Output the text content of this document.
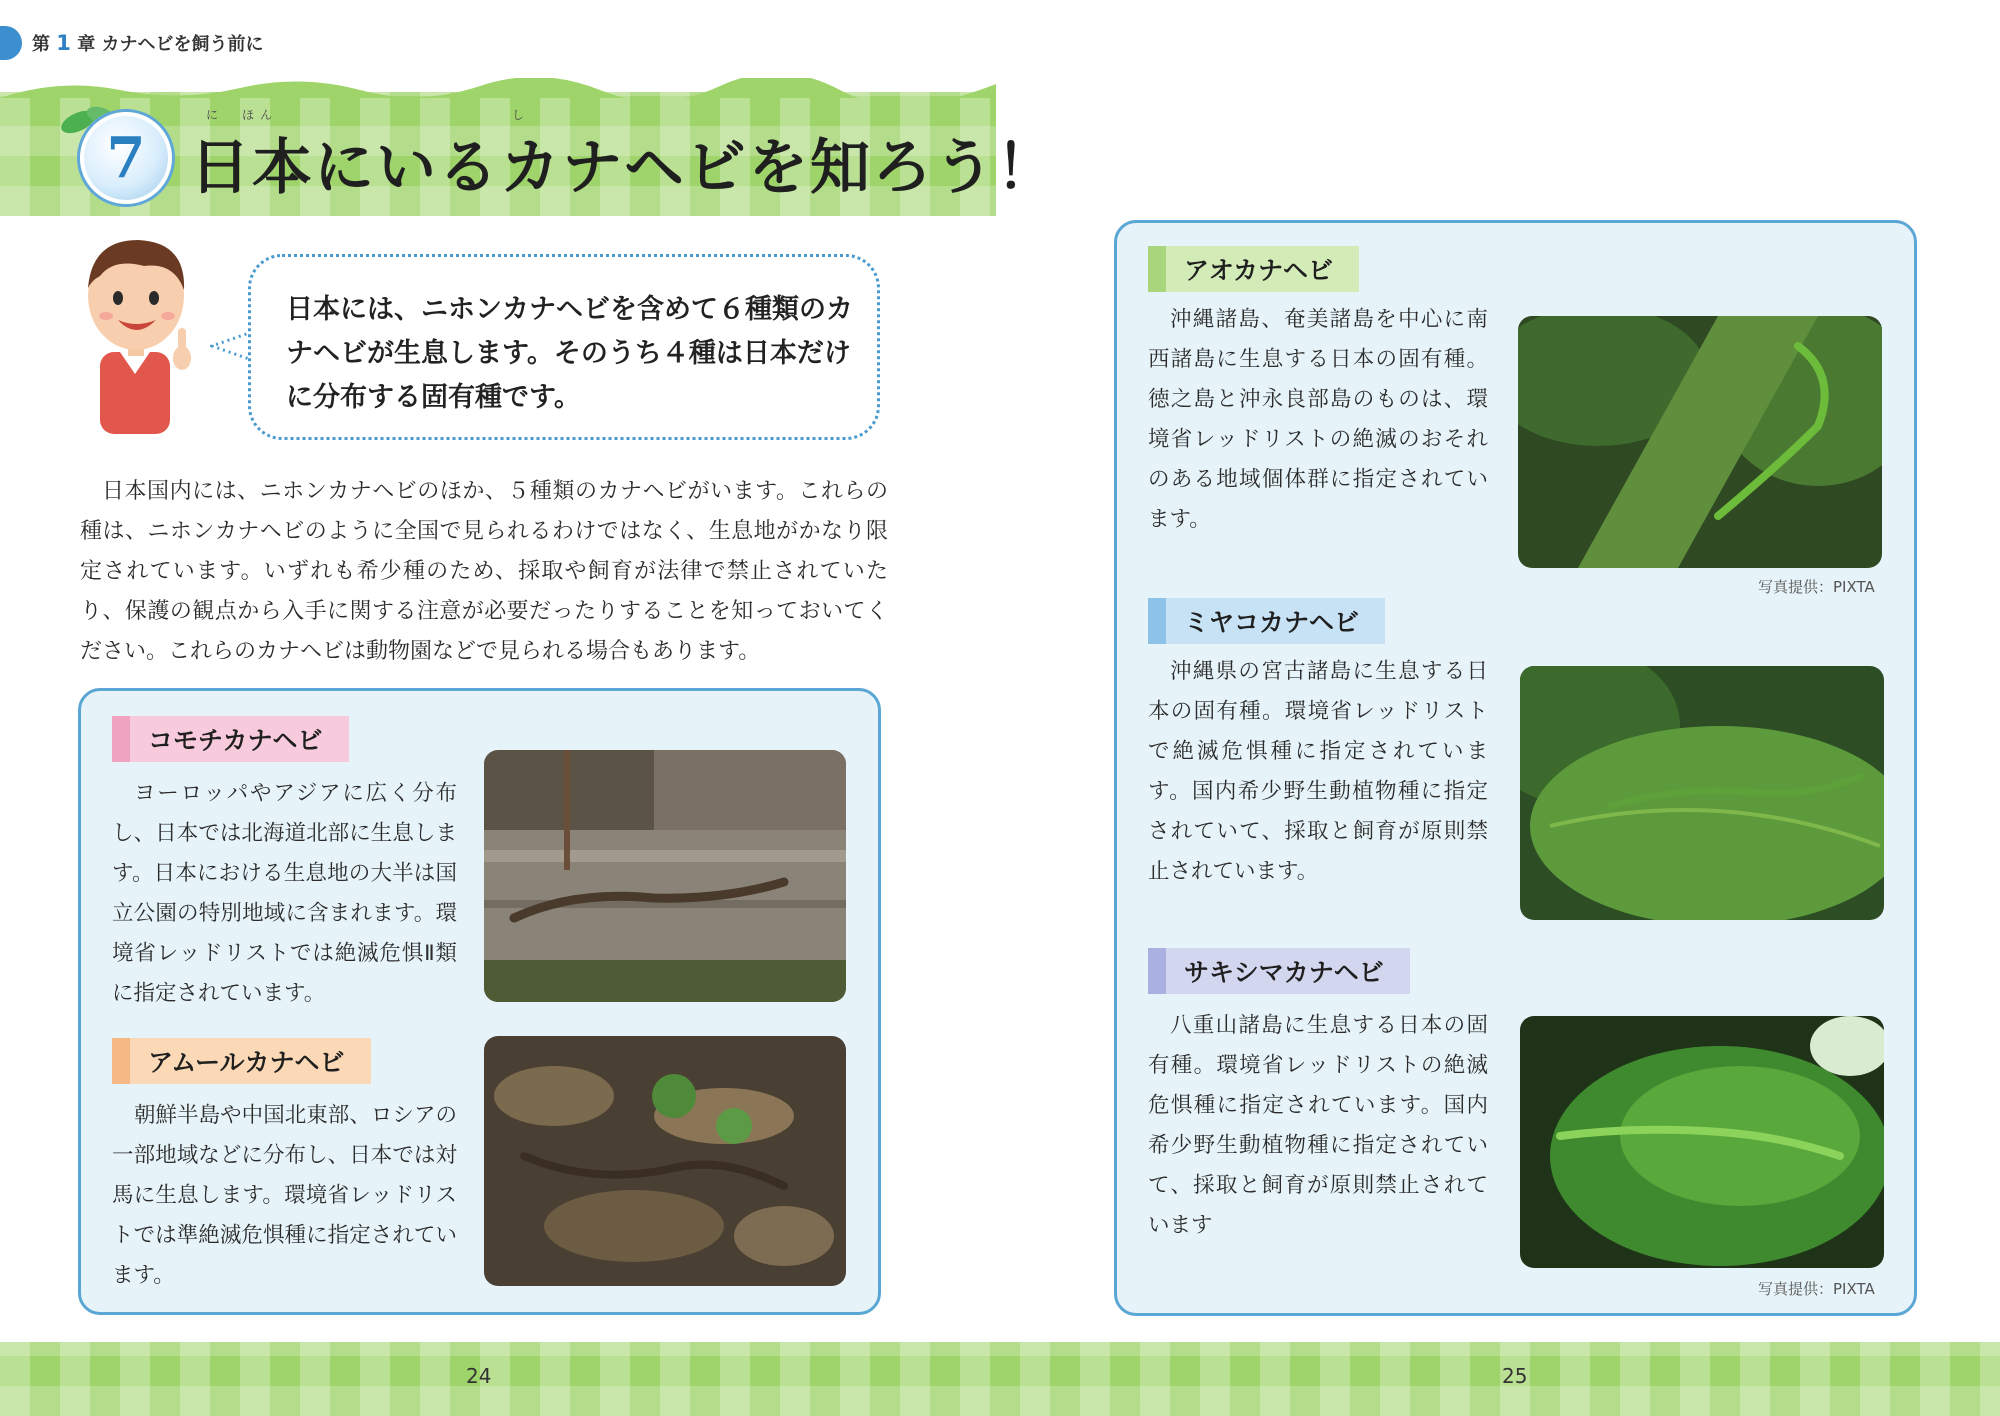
第 1 章 カナヘビを飼う前に
7
に　ほん　　　　　　　　　　　　　し
日本にいるカナヘビを知ろう！
日本には、ニホンカナヘビを含めて６種類のカナヘビが生息します。そのうち４種は日本だけに分布する固有種です。
日本国内には、ニホンカナヘビのほか、５種類のカナヘビがいます。これらの種は、ニホンカナヘビのように全国で見られるわけではなく、生息地がかなり限定されています。いずれも希少種のため、採取や飼育が法律で禁止されていたり、保護の観点から入手に関する注意が必要だったりすることを知っておいてください。これらのカナヘビは動物園などで見られる場合もあります。
コモチカナヘビ
ヨーロッパやアジアに広く分布し、日本では北海道北部に生息します。日本における生息地の大半は国立公園の特別地域に含まれます。環境省レッドリストでは絶滅危惧Ⅱ類に指定されています。
アムールカナヘビ
朝鮮半島や中国北東部、ロシアの一部地域などに分布し、日本では対馬に生息します。環境省レッドリストでは準絶滅危惧種に指定されています。
アオカナヘビ
沖縄諸島、奄美諸島を中心に南西諸島に生息する日本の固有種。徳之島と沖永良部島のものは、環境省レッドリストの絶滅のおそれのある地域個体群に指定されています。
写真提供：PIXTA
ミヤコカナヘビ
沖縄県の宮古諸島に生息する日本の固有種。環境省レッドリストで絶滅危惧種に指定されています。国内希少野生動植物種に指定されていて、採取と飼育が原則禁止されています。
サキシマカナヘビ
八重山諸島に生息する日本の固有種。環境省レッドリストの絶滅危惧種に指定されています。国内希少野生動植物種に指定されていて、採取と飼育が原則禁止されています
写真提供：PIXTA
24	25
